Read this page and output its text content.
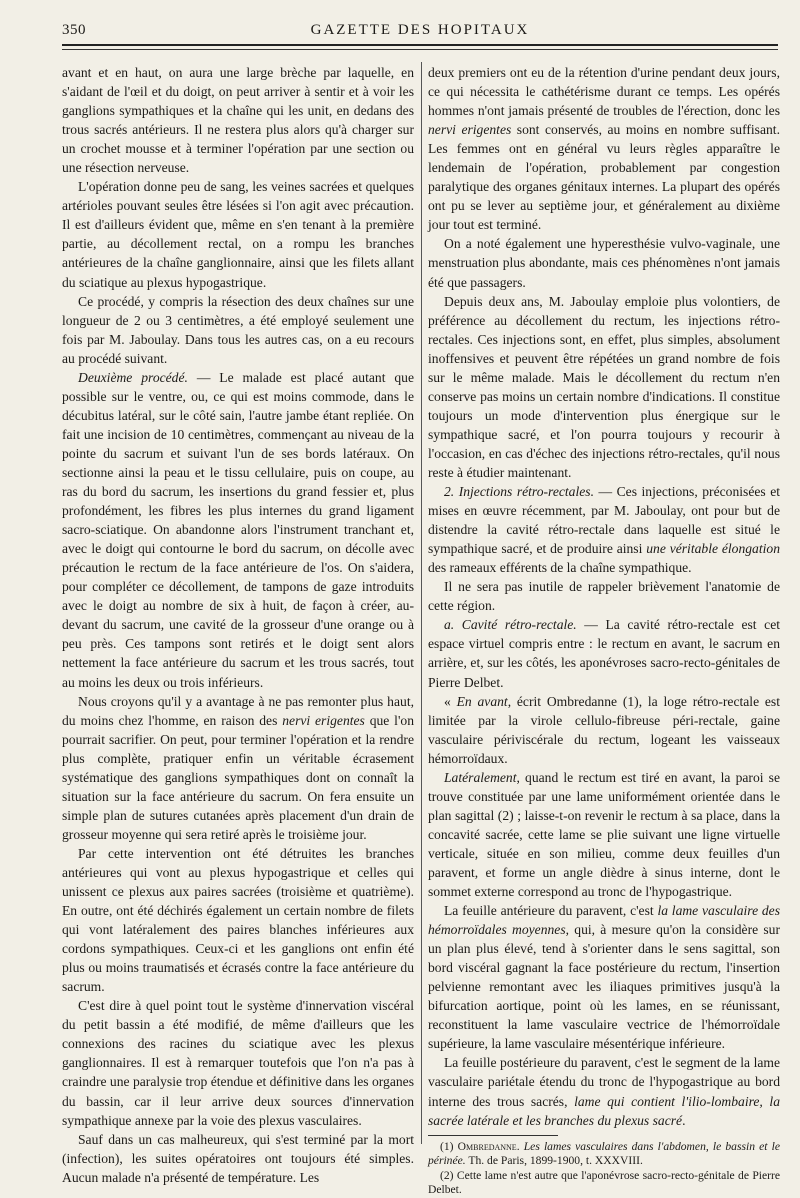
350	GAZETTE DES HOPITAUX

avant et en haut, on aura une large brèche par laquelle, en s'aidant de l'œil et du doigt, on peut arriver à sentir et à voir les ganglions sympathiques et la chaîne qui les unit, en dedans des trous sacrés antérieurs. Il ne restera plus alors qu'à charger sur un crochet mousse et à terminer l'opération par une section ou une résection nerveuse.

L'opération donne peu de sang, les veines sacrées et quelques artérioles pouvant seules être lésées si l'on agit avec précaution. Il est d'ailleurs évident que, même en s'en tenant à la première partie, au décollement rectal, on a rompu les branches antérieures de la chaîne ganglionnaire, ainsi que les filets allant du sciatique au plexus hypogastrique.

Ce procédé, y compris la résection des deux chaînes sur une longueur de 2 ou 3 centimètres, a été employé seulement une fois par M. Jaboulay. Dans tous les autres cas, on a eu recours au procédé suivant.

Deuxième procédé. — Le malade est placé autant que possible sur le ventre, ou, ce qui est moins commode, dans le décubitus latéral, sur le côté sain, l'autre jambe étant repliée. On fait une incision de 10 centimètres, commençant au niveau de la pointe du sacrum et suivant l'un de ses bords latéraux. On sectionne ainsi la peau et le tissu cellulaire, puis on coupe, au ras du bord du sacrum, les insertions du grand fessier et, plus profondément, les fibres les plus internes du grand ligament sacro-sciatique. On abandonne alors l'instrument tranchant et, avec le doigt qui contourne le bord du sacrum, on décolle avec précaution le rectum de la face antérieure de l'os. On s'aidera, pour compléter ce décollement, de tampons de gaze introduits avec le doigt au nombre de six à huit, de façon à créer, au-devant du sacrum, une cavité de la grosseur d'une orange ou à peu près. Ces tampons sont retirés et le doigt sent alors nettement la face antérieure du sacrum et les trous sacrés, tout au moins les deux ou trois inférieurs.

Nous croyons qu'il y a avantage à ne pas remonter plus haut, du moins chez l'homme, en raison des nervi erigentes que l'on pourrait sacrifier. On peut, pour terminer l'opération et la rendre plus complète, pratiquer enfin un véritable écrasement systématique des ganglions sympathiques dont on connaît la situation sur la face antérieure du sacrum. On fera ensuite un simple plan de sutures cutanées après placement d'un drain de grosseur moyenne qui sera retiré après le troisième jour.

Par cette intervention ont été détruites les branches antérieures qui vont au plexus hypogastrique et celles qui unissent ce plexus aux paires sacrées (troisième et quatrième). En outre, ont été déchirés également un certain nombre de filets qui vont latéralement des paires blanches inférieures aux cordons sympathiques. Ceux-ci et les ganglions ont enfin été plus ou moins traumatisés et écrasés contre la face antérieure du sacrum.

C'est dire à quel point tout le système d'innervation viscéral du petit bassin a été modifié, de même d'ailleurs que les connexions des racines du sciatique avec les plexus ganglionnaires. Il est à remarquer toutefois que l'on n'a pas à craindre une paralysie trop étendue et définitive dans les organes du bassin, car il leur arrive deux sources d'innervation sympathique annexe par la voie des plexus vasculaires.

Sauf dans un cas malheureux, qui s'est terminé par la mort (infection), les suites opératoires ont toujours été simples. Aucun malade n'a présenté de température. Les

deux premiers ont eu de la rétention d'urine pendant deux jours, ce qui nécessita le cathétérisme durant ce temps. Les opérés hommes n'ont jamais présenté de troubles de l'érection, donc les nervi erigentes sont conservés, au moins en nombre suffisant. Les femmes ont en général vu leurs règles apparaître le lendemain de l'opération, probablement par congestion paralytique des organes génitaux internes. La plupart des opérés ont pu se lever au septième jour, et généralement au dixième jour tout est terminé.

On a noté également une hyperesthésie vulvo-vaginale, une menstruation plus abondante, mais ces phénomènes n'ont jamais été que passagers.

Depuis deux ans, M. Jaboulay emploie plus volontiers, de préférence au décollement du rectum, les injections rétro-rectales. Ces injections sont, en effet, plus simples, absolument inoffensives et peuvent être répétées un grand nombre de fois sur le même malade. Mais le décollement du rectum n'en conserve pas moins un certain nombre d'indications. Il constitue toujours un mode d'intervention plus énergique sur le sympathique sacré, et l'on pourra toujours y recourir à l'occasion, en cas d'échec des injections rétro-rectales, qu'il nous reste à étudier maintenant.

2. Injections rétro-rectales. — Ces injections, préconisées et mises en œuvre récemment, par M. Jaboulay, ont pour but de distendre la cavité rétro-rectale dans laquelle est situé le sympathique sacré, et de produire ainsi une véritable élongation des rameaux efférents de la chaîne sympathique.

Il ne sera pas inutile de rappeler brièvement l'anatomie de cette région.

a. Cavité rétro-rectale. — La cavité rétro-rectale est cet espace virtuel compris entre : le rectum en avant, le sacrum en arrière, et, sur les côtés, les aponévroses sacro-recto-génitales de Pierre Delbet.

« En avant, écrit Ombredanne (1), la loge rétro-rectale est limitée par la virole cellulo-fibreuse péri-rectale, gaine vasculaire périviscérale du rectum, logeant les vaisseaux hémorroïdaux.

Latéralement, quand le rectum est tiré en avant, la paroi se trouve constituée par une lame uniformément orientée dans le plan sagittal (2) ; laisse-t-on revenir le rectum à sa place, dans la concavité sacrée, cette lame se plie suivant une ligne virtuelle verticale, située en son milieu, comme deux feuilles d'un paravent, et forme un angle dièdre à sinus interne, dont le sommet externe correspond au tronc de l'hypogastrique.

La feuille antérieure du paravent, c'est la lame vasculaire des hémorroïdales moyennes, qui, à mesure qu'on la considère sur un plan plus élevé, tend à s'orienter dans le sens sagittal, son bord viscéral gagnant la face postérieure du rectum, l'insertion pelvienne remontant avec les iliaques primitives jusqu'à la bifurcation aortique, point où les lames, en se réunissant, reconstituent la lame vasculaire vectrice de l'hémorroïdale supérieure, la lame vasculaire mésentérique inférieure.

La feuille postérieure du paravent, c'est le segment de la lame vasculaire pariétale étendu du tronc de l'hypogastrique au bord interne des trous sacrés, lame qui contient l'ilio-lombaire, la sacrée latérale et les branches du plexus sacré.

(1) Ombredanne. Les lames vasculaires dans l'abdomen, le bassin et le périnée. Th. de Paris, 1899-1900, t. XXXVIII.

(2) Cette lame n'est autre que l'aponévrose sacro-recto-génitale de Pierre Delbet.
